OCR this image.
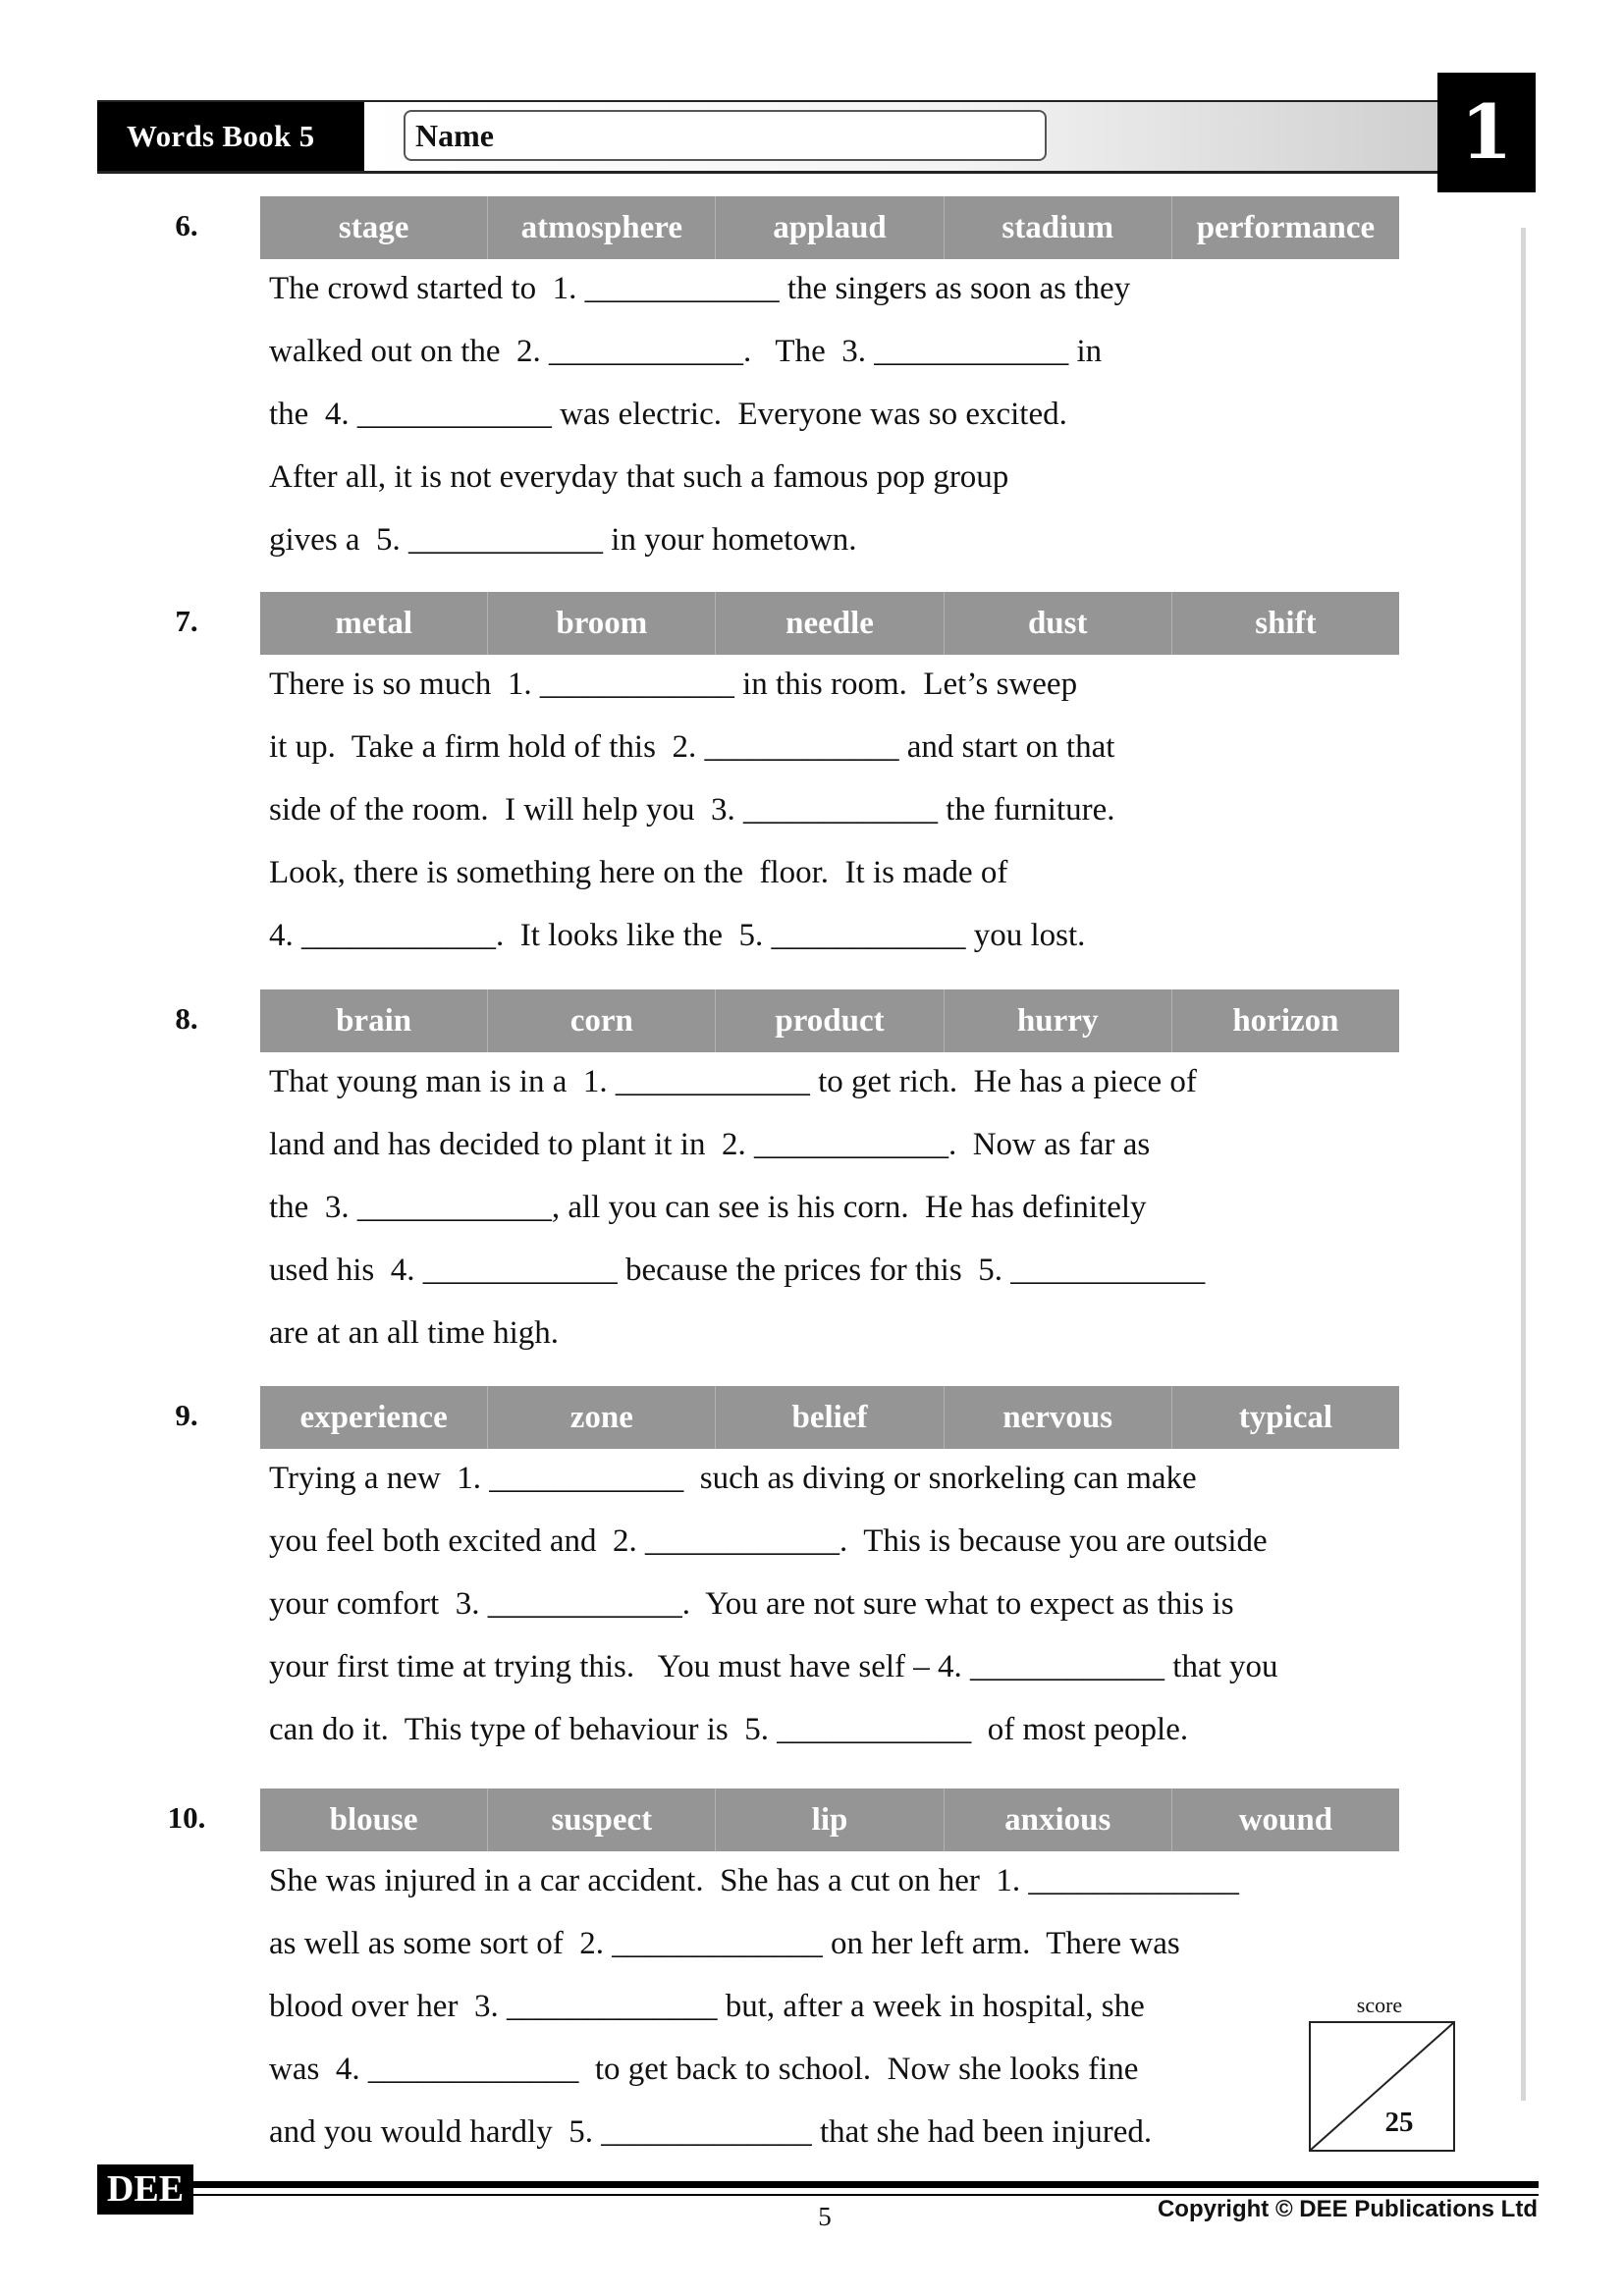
Words Book 5	Name	1
6.	stage	atmosphere	applaud	stadium	performance
The crowd started to  1. ____________ the singers as soon as they
walked out on the  2. ____________.   The  3. ____________ in
the  4. ____________ was electric.  Everyone was so excited.
After all, it is not everyday that such a famous pop group
gives a  5. ____________ in your hometown.
7.	metal	broom	needle	dust	shift
There is so much  1. ____________ in this room.  Let’s sweep
it up.  Take a firm hold of this  2. ____________ and start on that
side of the room.  I will help you  3. ____________ the furniture.
Look, there is something here on the  floor.  It is made of
4. ____________.  It looks like the  5. ____________ you lost.
8.	brain	corn	product	hurry	horizon
That young man is in a  1. ____________ to get rich.  He has a piece of
land and has decided to plant it in  2. ____________.  Now as far as
the  3. ____________, all you can see is his corn.  He has definitely
used his  4. ____________ because the prices for this  5. ____________
are at an all time high.
9.	experience	zone	belief	nervous	typical
Trying a new  1. ____________  such as diving or snorkeling can make
you feel both excited and  2. ____________.  This is because you are outside
your comfort  3. ____________.  You are not sure what to expect as this is
your first time at trying this.   You must have self – 4. ____________ that you
can do it.  This type of behaviour is  5. ____________  of most people.
10.	blouse	suspect	lip	anxious	wound
She was injured in a car accident.  She has a cut on her  1. _____________
as well as some sort of  2. _____________ on her left arm.  There was
blood over her  3. _____________ but, after a week in hospital, she
was  4. _____________  to get back to school.  Now she looks fine
and you would hardly  5. _____________ that she had been injured.
score
25
DEE
5	Copyright © DEE Publications Ltd
